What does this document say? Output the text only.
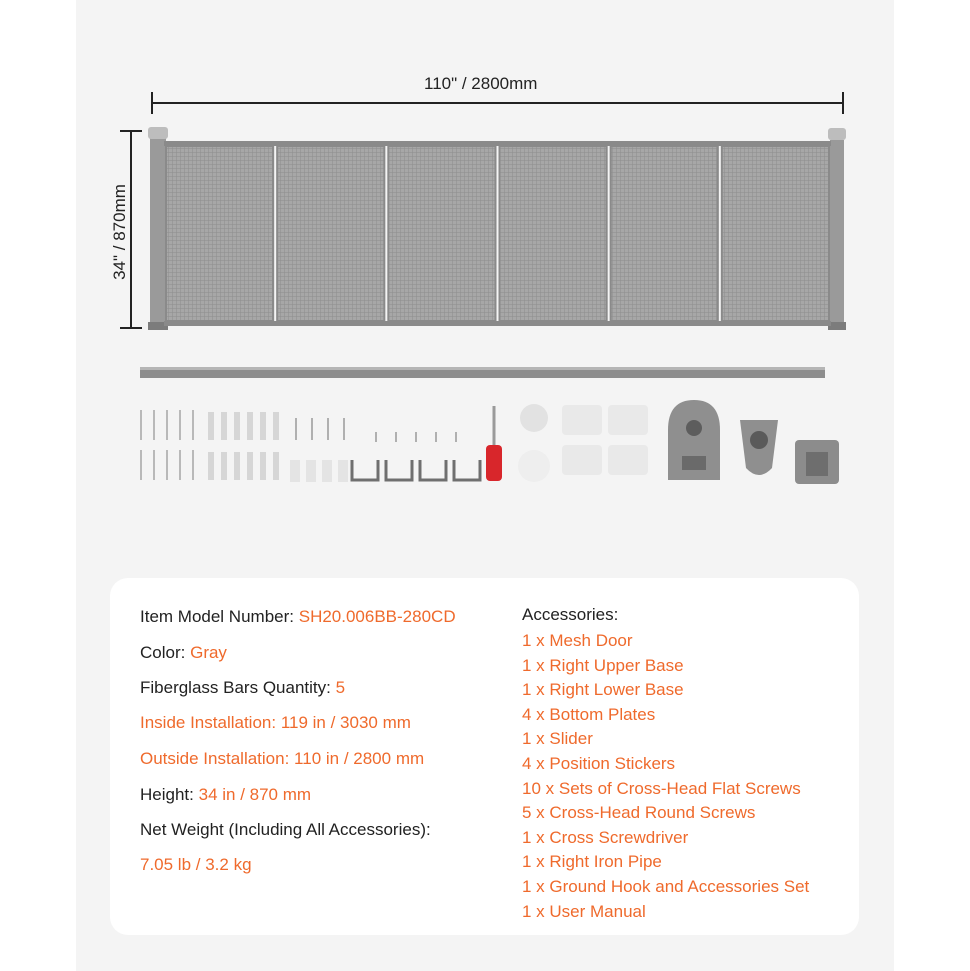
110" / 2800mm
34" / 870mm
Item Model Number: SH20.006BB-280CD
Color: Gray
Fiberglass Bars Quantity: 5
Inside Installation: 119 in / 3030 mm
Outside Installation: 110 in / 2800 mm
Height: 34 in / 870 mm
Net Weight (Including All Accessories):
7.05 lb / 3.2 kg
Accessories:
1 x Mesh Door
1 x Right Upper Base
1 x Right Lower Base
4 x Bottom Plates
1 x Slider
4 x Position Stickers
10 x Sets of Cross-Head Flat Screws
5 x Cross-Head Round Screws
1 x Cross Screwdriver
1 x Right Iron Pipe
1 x Ground Hook and Accessories Set
1 x User Manual
